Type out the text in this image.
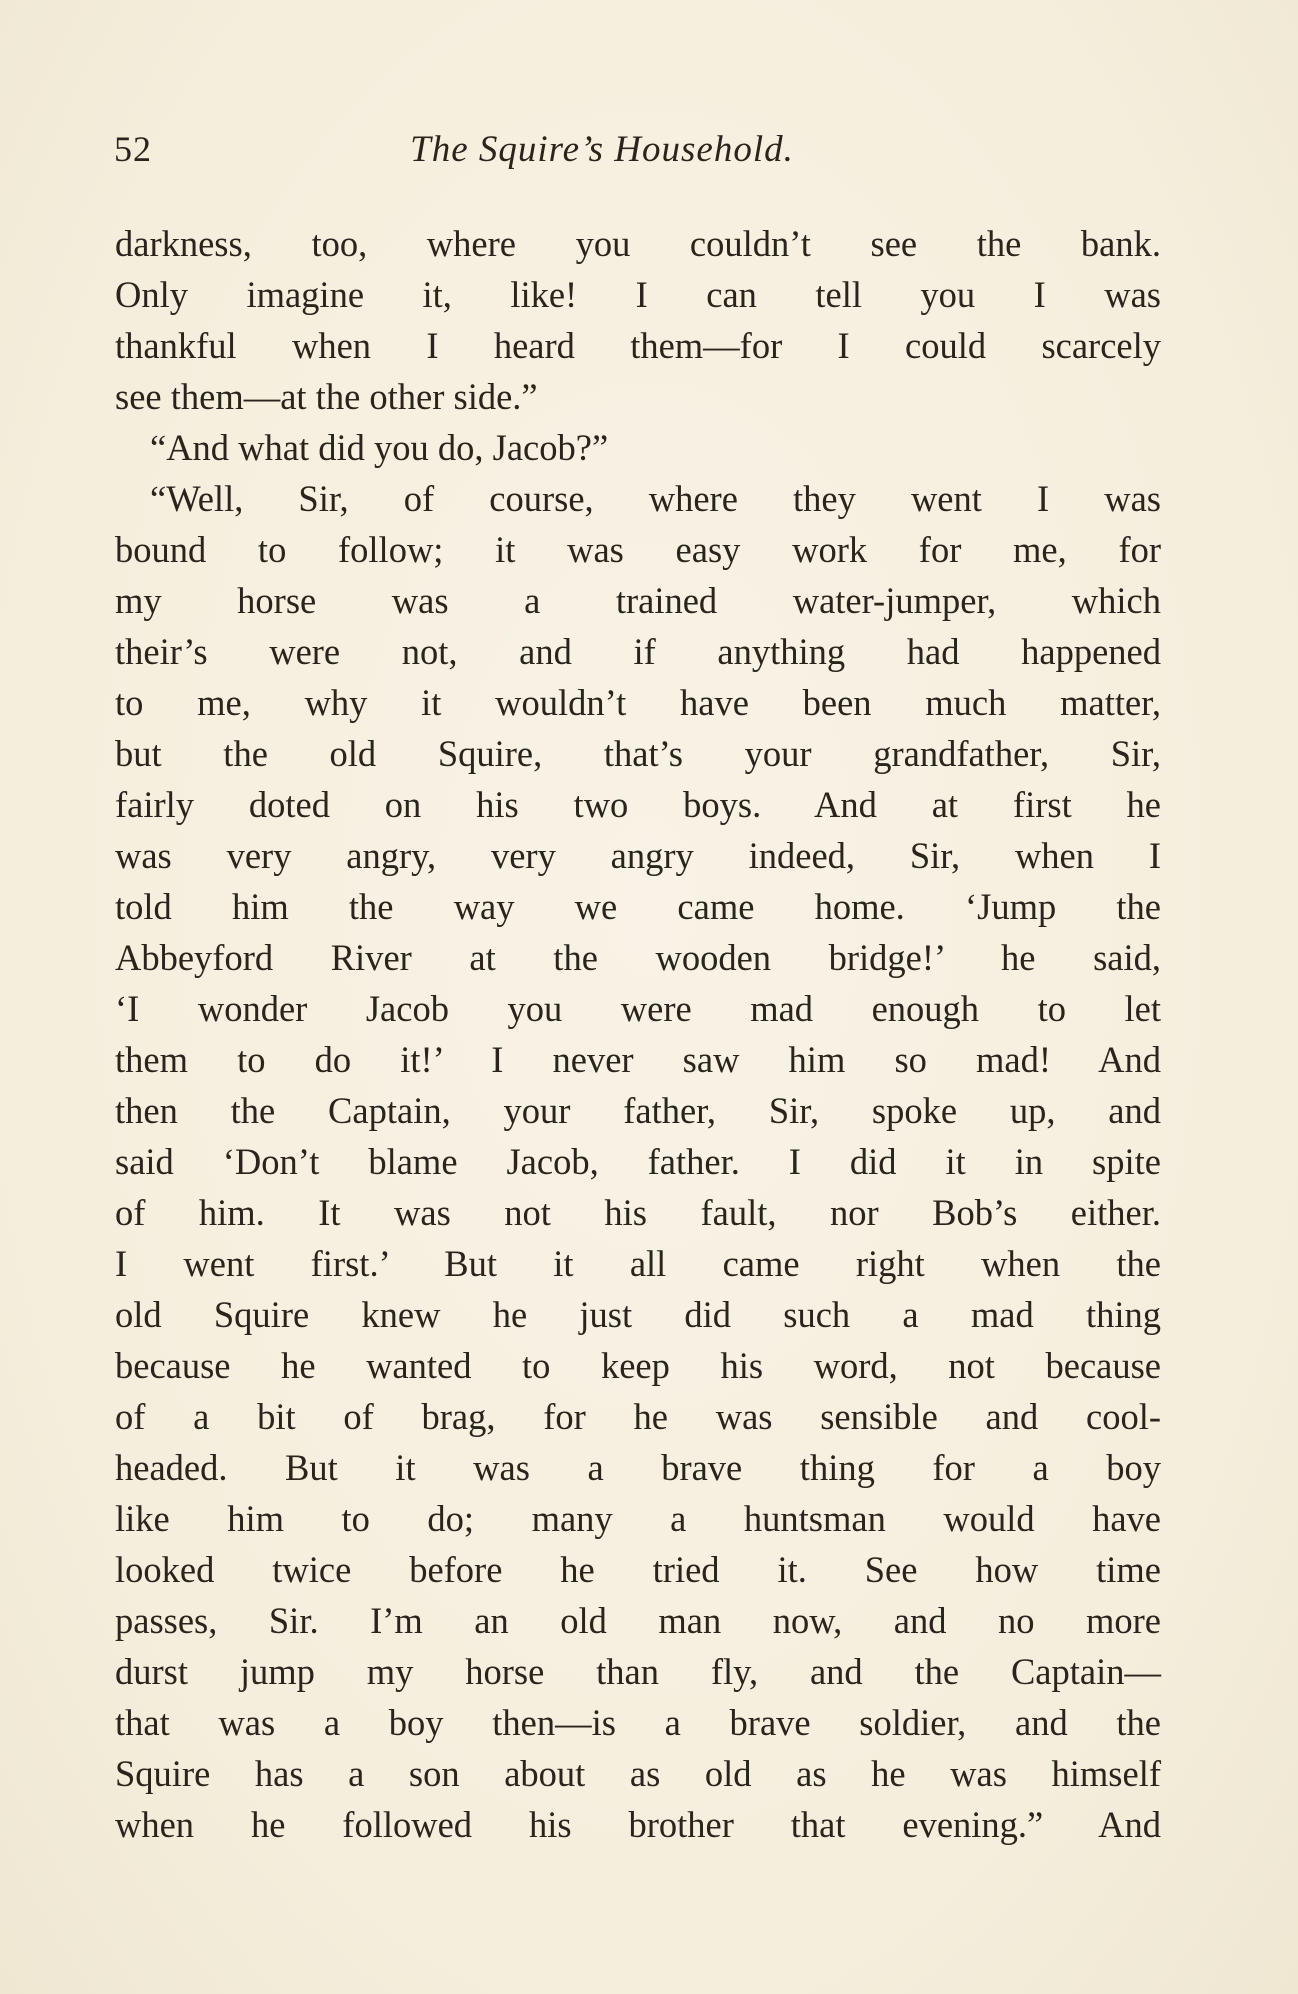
52	The Squire’s Household.
darkness, too, where you couldn’t see the bank.
Only imagine it, like! I can tell you I was
thankful when I heard them—for I could scarcely
see them—at the other side.”
“And what did you do, Jacob?”
“Well, Sir, of course, where they went I was
bound to follow; it was easy work for me, for
my horse was a trained water-jumper, which
their’s were not, and if anything had happened
to me, why it wouldn’t have been much matter,
but the old Squire, that’s your grandfather, Sir,
fairly doted on his two boys. And at first he
was very angry, very angry indeed, Sir, when I
told him the way we came home. ‘Jump the
Abbeyford River at the wooden bridge!’ he said,
‘I wonder Jacob you were mad enough to let
them to do it!’ I never saw him so mad! And
then the Captain, your father, Sir, spoke up, and
said ‘Don’t blame Jacob, father. I did it in spite
of him. It was not his fault, nor Bob’s either.
I went first.’ But it all came right when the
old Squire knew he just did such a mad thing
because he wanted to keep his word, not because
of a bit of brag, for he was sensible and cool-
headed. But it was a brave thing for a boy
like him to do; many a huntsman would have
looked twice before he tried it. See how time
passes, Sir. I’m an old man now, and no more
durst jump my horse than fly, and the Captain—
that was a boy then—is a brave soldier, and the
Squire has a son about as old as he was himself
when he followed his brother that evening.” And
